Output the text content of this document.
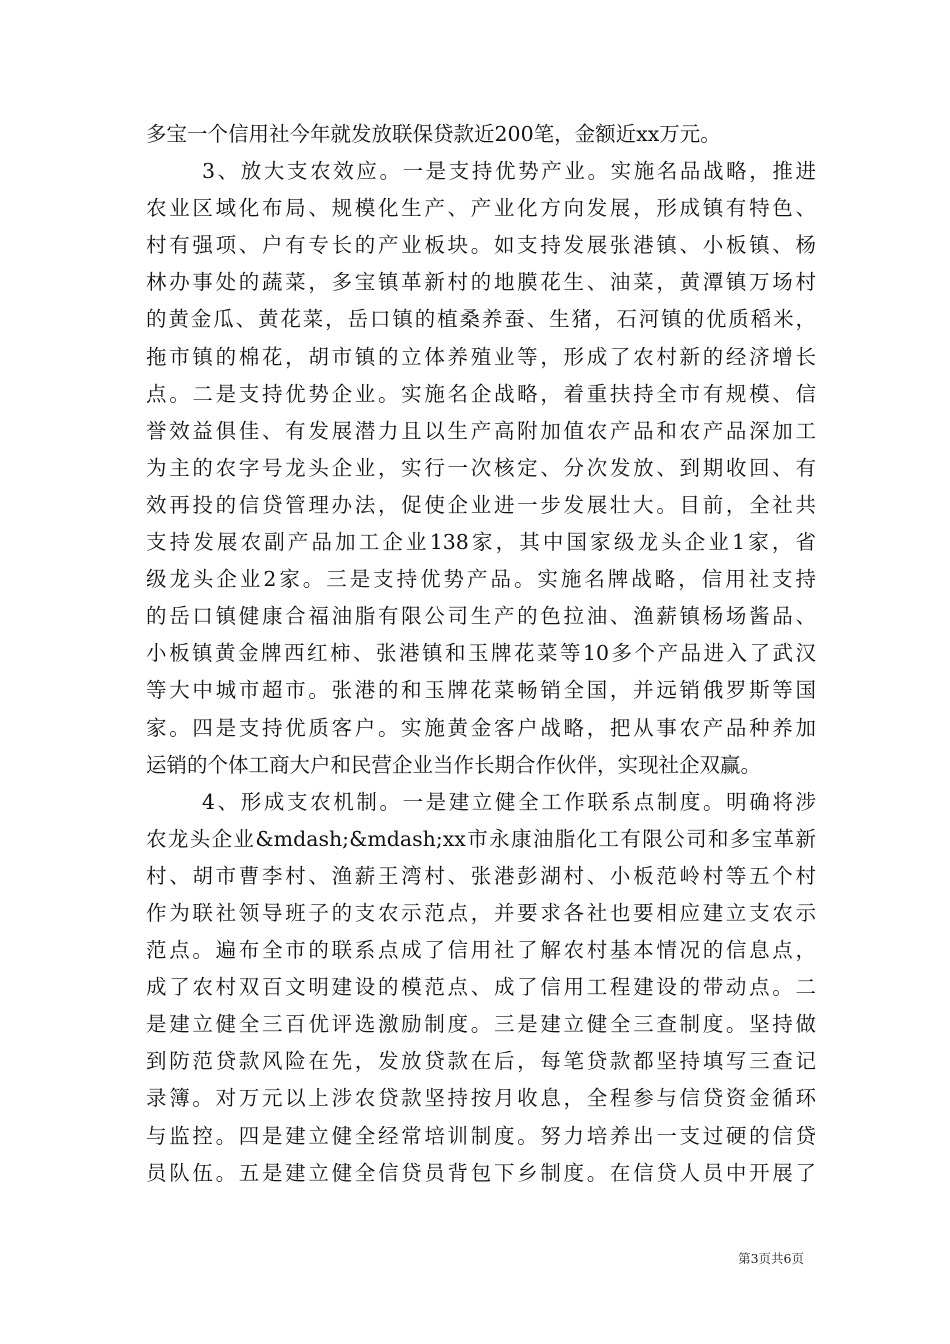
多宝一个信用社今年就发放联保贷款近200笔，金额近xx万元。
3、放大支农效应。一是支持优势产业。实施名品战略，推进
农业区域化布局、规模化生产、产业化方向发展，形成镇有特色、
村有强项、户有专长的产业板块。如支持发展张港镇、小板镇、杨
林办事处的蔬菜，多宝镇革新村的地膜花生、油菜，黄潭镇万场村
的黄金瓜、黄花菜，岳口镇的植桑养蚕、生猪，石河镇的优质稻米，
拖市镇的棉花，胡市镇的立体养殖业等，形成了农村新的经济增长
点。二是支持优势企业。实施名企战略，着重扶持全市有规模、信
誉效益俱佳、有发展潜力且以生产高附加值农产品和农产品深加工
为主的农字号龙头企业，实行一次核定、分次发放、到期收回、有
效再投的信贷管理办法，促使企业进一步发展壮大。目前，全社共
支持发展农副产品加工企业138家，其中国家级龙头企业1家，省
级龙头企业2家。三是支持优势产品。实施名牌战略，信用社支持
的岳口镇健康合福油脂有限公司生产的色拉油、渔薪镇杨场酱品、
小板镇黄金牌西红柿、张港镇和玉牌花菜等10多个产品进入了武汉
等大中城市超市。张港的和玉牌花菜畅销全国，并远销俄罗斯等国
家。四是支持优质客户。实施黄金客户战略，把从事农产品种养加
运销的个体工商大户和民营企业当作长期合作伙伴，实现社企双赢。
4、形成支农机制。一是建立健全工作联系点制度。明确将涉
农龙头企业&mdash;&mdash;xx市永康油脂化工有限公司和多宝革新
村、胡市曹李村、渔薪王湾村、张港彭湖村、小板范岭村等五个村
作为联社领导班子的支农示范点，并要求各社也要相应建立支农示
范点。遍布全市的联系点成了信用社了解农村基本情况的信息点，
成了农村双百文明建设的模范点、成了信用工程建设的带动点。二
是建立健全三百优评选激励制度。三是建立健全三查制度。坚持做
到防范贷款风险在先，发放贷款在后，每笔贷款都坚持填写三查记
录簿。对万元以上涉农贷款坚持按月收息，全程参与信贷资金循环
与监控。四是建立健全经常培训制度。努力培养出一支过硬的信贷
员队伍。五是建立健全信贷员背包下乡制度。在信贷人员中开展了
第3页共6页
